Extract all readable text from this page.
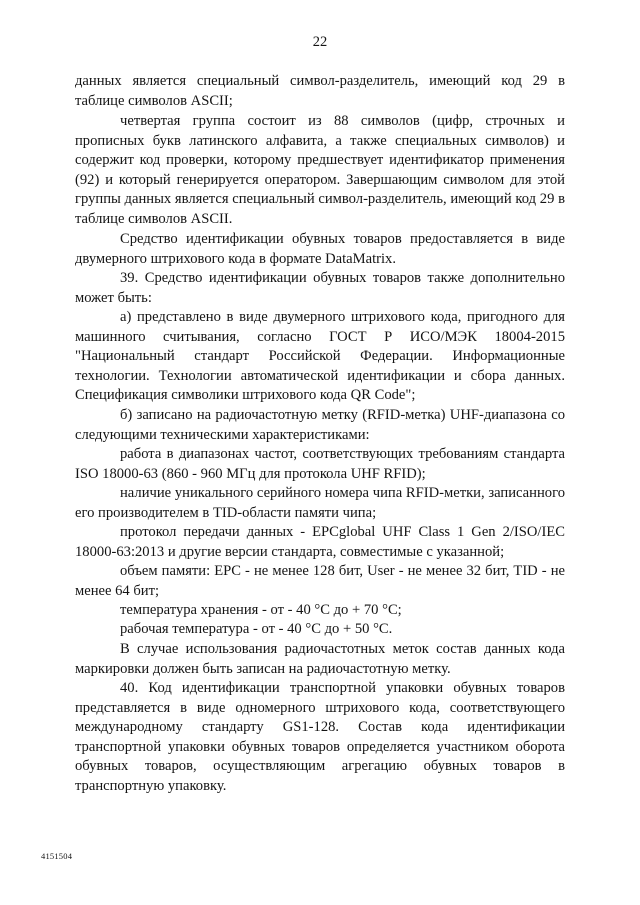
22

данных является специальный символ-разделитель, имеющий код 29 в таблице символов ASCII;

четвертая группа состоит из 88 символов (цифр, строчных и прописных букв латинского алфавита, а также специальных символов) и содержит код проверки, которому предшествует идентификатор применения (92) и который генерируется оператором. Завершающим символом для этой группы данных является специальный символ-разделитель, имеющий код 29 в таблице символов ASCII.

Средство идентификации обувных товаров предоставляется в виде двумерного штрихового кода в формате DataMatrix.

39. Средство идентификации обувных товаров также дополнительно может быть:

а) представлено в виде двумерного штрихового кода, пригодного для машинного считывания, согласно ГОСТ Р ИСО/МЭК 18004-2015 "Национальный стандарт Российской Федерации. Информационные технологии. Технологии автоматической идентификации и сбора данных. Спецификация символики штрихового кода QR Code";

б) записано на радиочастотную метку (RFID-метка) UHF-диапазона со следующими техническими характеристиками:

работа в диапазонах частот, соответствующих требованиям стандарта ISO 18000-63 (860 - 960 МГц для протокола UHF RFID);

наличие уникального серийного номера чипа RFID-метки, записанного его производителем в TID-области памяти чипа;

протокол передачи данных - EPCglobal UHF Class 1 Gen 2/ISO/IEC 18000-63:2013 и другие версии стандарта, совместимые с указанной;

объем памяти: EPC - не менее 128 бит, User - не менее 32 бит, TID - не менее 64 бит;

температура хранения - от - 40 °С до + 70 °С;

рабочая температура - от - 40 °С до + 50 °С.

В случае использования радиочастотных меток состав данных кода маркировки должен быть записан на радиочастотную метку.

40. Код идентификации транспортной упаковки обувных товаров представляется в виде одномерного штрихового кода, соответствующего международному стандарту GS1-128. Состав кода идентификации транспортной упаковки обувных товаров определяется участником оборота обувных товаров, осуществляющим агрегацию обувных товаров в транспортную упаковку.

4151504
